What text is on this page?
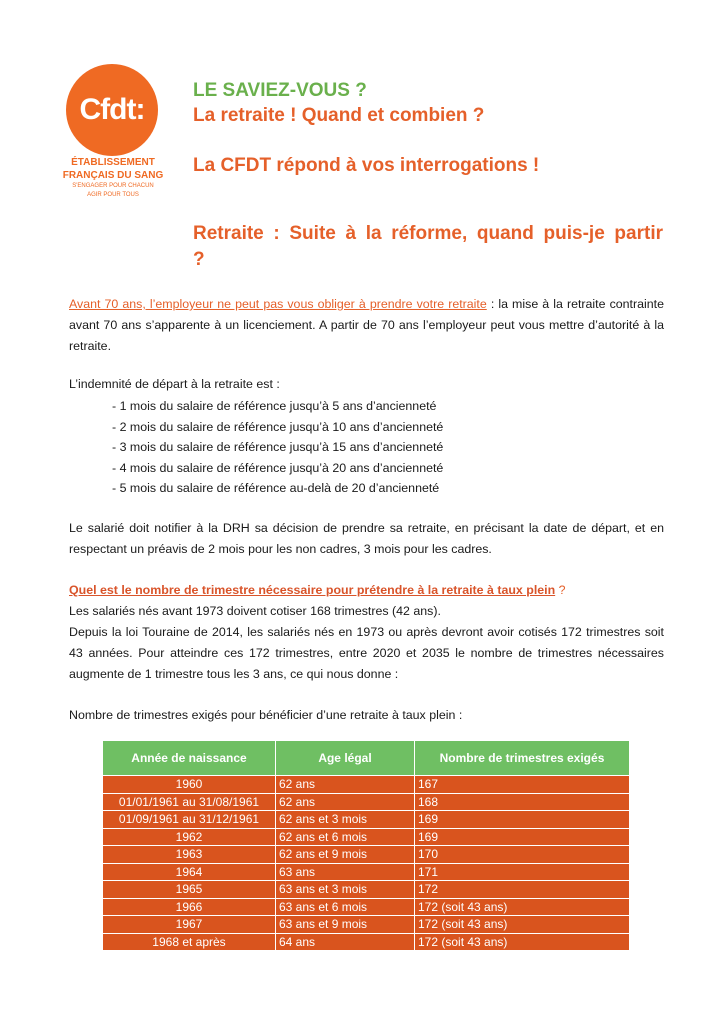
Cfdt:
ÉTABLISSEMENT
FRANÇAIS DU SANG
S'ENGAGER POUR CHACUN
AGIR POUR TOUS
LE SAVIEZ-VOUS ?
La retraite ! Quand et combien ?
La CFDT répond à vos interrogations !
Retraite : Suite à la réforme, quand puis-je partir ?
Avant 70 ans, l’employeur ne peut pas vous obliger à prendre votre retraite : la mise à la retraite contrainte avant 70 ans s’apparente à un licenciement. A partir de 70 ans l’employeur peut vous mettre d’autorité à la retraite.
L’indemnité de départ à la retraite est :
- 1 mois du salaire de référence jusqu’à 5 ans d’ancienneté
- 2 mois du salaire de référence jusqu’à 10 ans d’ancienneté
- 3 mois du salaire de référence jusqu’à 15 ans d’ancienneté
- 4 mois du salaire de référence jusqu’à 20 ans d’ancienneté
- 5 mois du salaire de référence au-delà de 20 d’ancienneté
Le salarié doit notifier à la DRH sa décision de prendre sa retraite, en précisant la date de départ, et en respectant un préavis de 2 mois pour les non cadres, 3 mois pour les cadres.
Quel est le nombre de trimestre nécessaire pour prétendre à la retraite à taux plein ?
Les salariés nés avant 1973 doivent cotiser 168 trimestres (42 ans).
Depuis la loi Touraine de 2014, les salariés nés en 1973 ou après devront avoir cotisés 172 trimestres soit 43 années. Pour atteindre ces 172 trimestres, entre 2020 et 2035 le nombre de trimestres nécessaires augmente de 1 trimestre tous les 3 ans, ce qui nous donne :
Nombre de trimestres exigés pour bénéficier d’une retraite à taux plein :
Année de naissance	Age légal	Nombre de trimestres exigés
1960	62 ans	167
01/01/1961 au 31/08/1961	62 ans	168
01/09/1961 au 31/12/1961	62 ans et 3 mois	169
1962	62 ans et 6 mois	169
1963	62 ans et 9 mois	170
1964	63 ans	171
1965	63 ans et 3 mois	172
1966	63 ans et 6 mois	172 (soit 43 ans)
1967	63 ans et 9 mois	172 (soit 43 ans)
1968 et après	64 ans	172 (soit 43 ans)
